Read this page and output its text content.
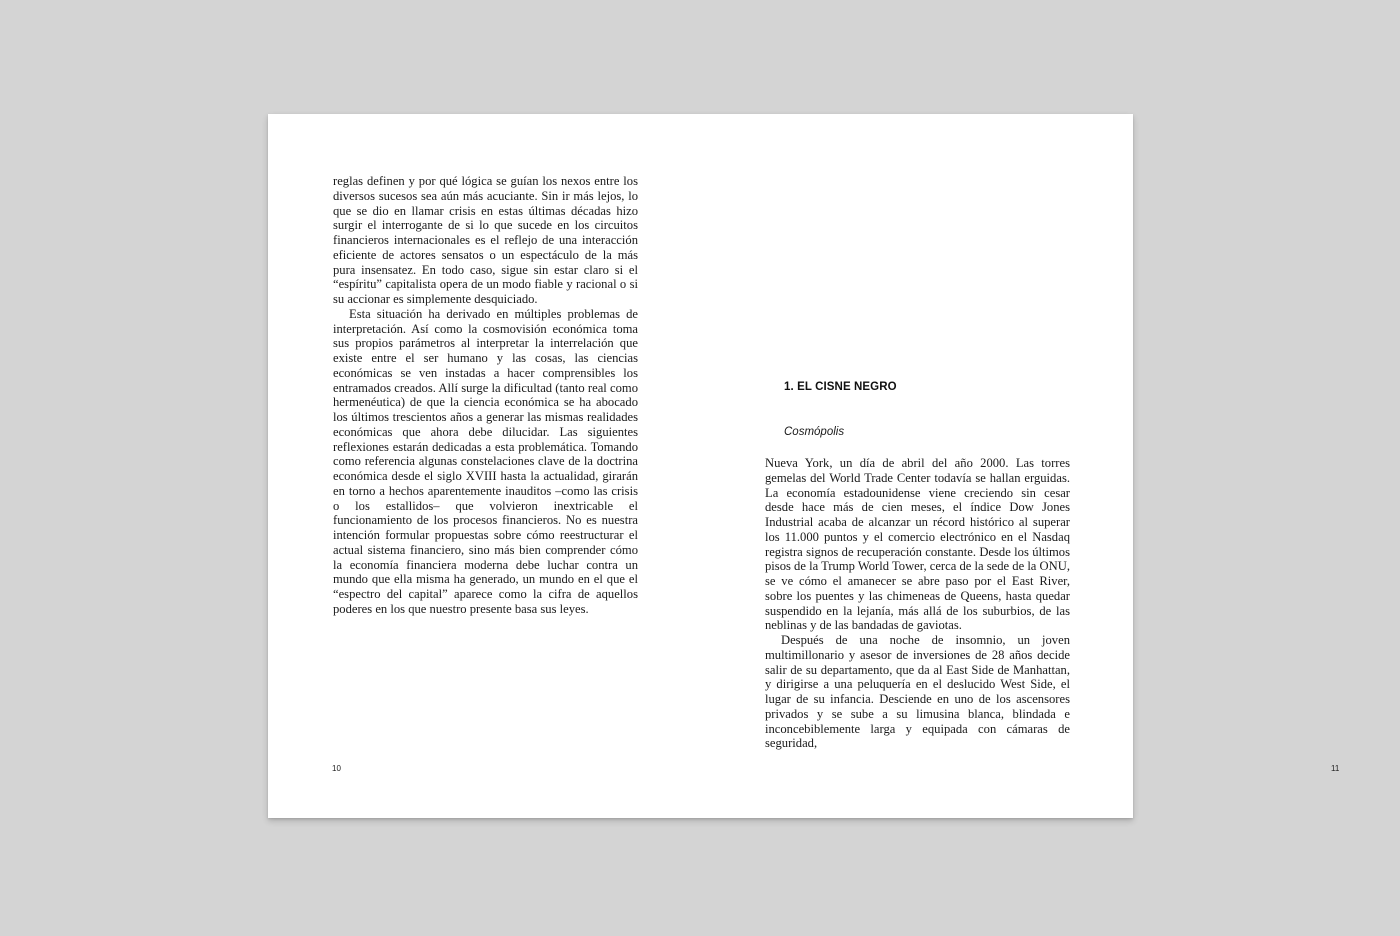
reglas definen y por qué lógica se guían los nexos entre los diversos sucesos sea aún más acuciante. Sin ir más lejos, lo que se dio en llamar crisis en estas últimas décadas hizo surgir el interrogante de si lo que sucede en los circuitos financieros internacionales es el reflejo de una interacción eficiente de actores sensatos o un espectáculo de la más pura insensatez. En todo caso, sigue sin estar claro si el “espíritu” capitalista opera de un modo fiable y racional o si su accionar es simplemente desquiciado.

Esta situación ha derivado en múltiples problemas de interpretación. Así como la cosmovisión económica toma sus propios parámetros al interpretar la interrelación que existe entre el ser humano y las cosas, las ciencias económicas se ven instadas a hacer comprensibles los entramados creados. Allí surge la dificultad (tanto real como hermenéutica) de que la ciencia económica se ha abocado los últimos trescientos años a generar las mismas realidades económicas que ahora debe dilucidar. Las siguientes reflexiones estarán dedicadas a esta problemática. Tomando como referencia algunas constelaciones clave de la doctrina económica desde el siglo XVIII hasta la actualidad, girarán en torno a hechos aparentemente inauditos –como las crisis o los estallidos– que volvieron inextricable el funcionamiento de los procesos financieros. No es nuestra intención formular propuestas sobre cómo reestructurar el actual sistema financiero, sino más bien comprender cómo la economía financiera moderna debe luchar contra un mundo que ella misma ha generado, un mundo en el que el “espectro del capital” aparece como la cifra de aquellos poderes en los que nuestro presente basa sus leyes.

10
1. EL CISNE NEGRO
Cosmópolis

Nueva York, un día de abril del año 2000. Las torres gemelas del World Trade Center todavía se hallan erguidas. La economía estadounidense viene creciendo sin cesar desde hace más de cien meses, el índice Dow Jones Industrial acaba de alcanzar un récord histórico al superar los 11.000 puntos y el comercio electrónico en el Nasdaq registra signos de recuperación constante. Desde los últimos pisos de la Trump World Tower, cerca de la sede de la ONU, se ve cómo el amanecer se abre paso por el East River, sobre los puentes y las chimeneas de Queens, hasta quedar suspendido en la lejanía, más allá de los suburbios, de las neblinas y de las bandadas de gaviotas.

Después de una noche de insomnio, un joven multimillonario y asesor de inversiones de 28 años decide salir de su departamento, que da al East Side de Manhattan, y dirigirse a una peluquería en el deslucido West Side, el lugar de su infancia. Desciende en uno de los ascensores privados y se sube a su limusina blanca, blindada e inconcebiblemente larga y equipada con cámaras de seguridad,

11
